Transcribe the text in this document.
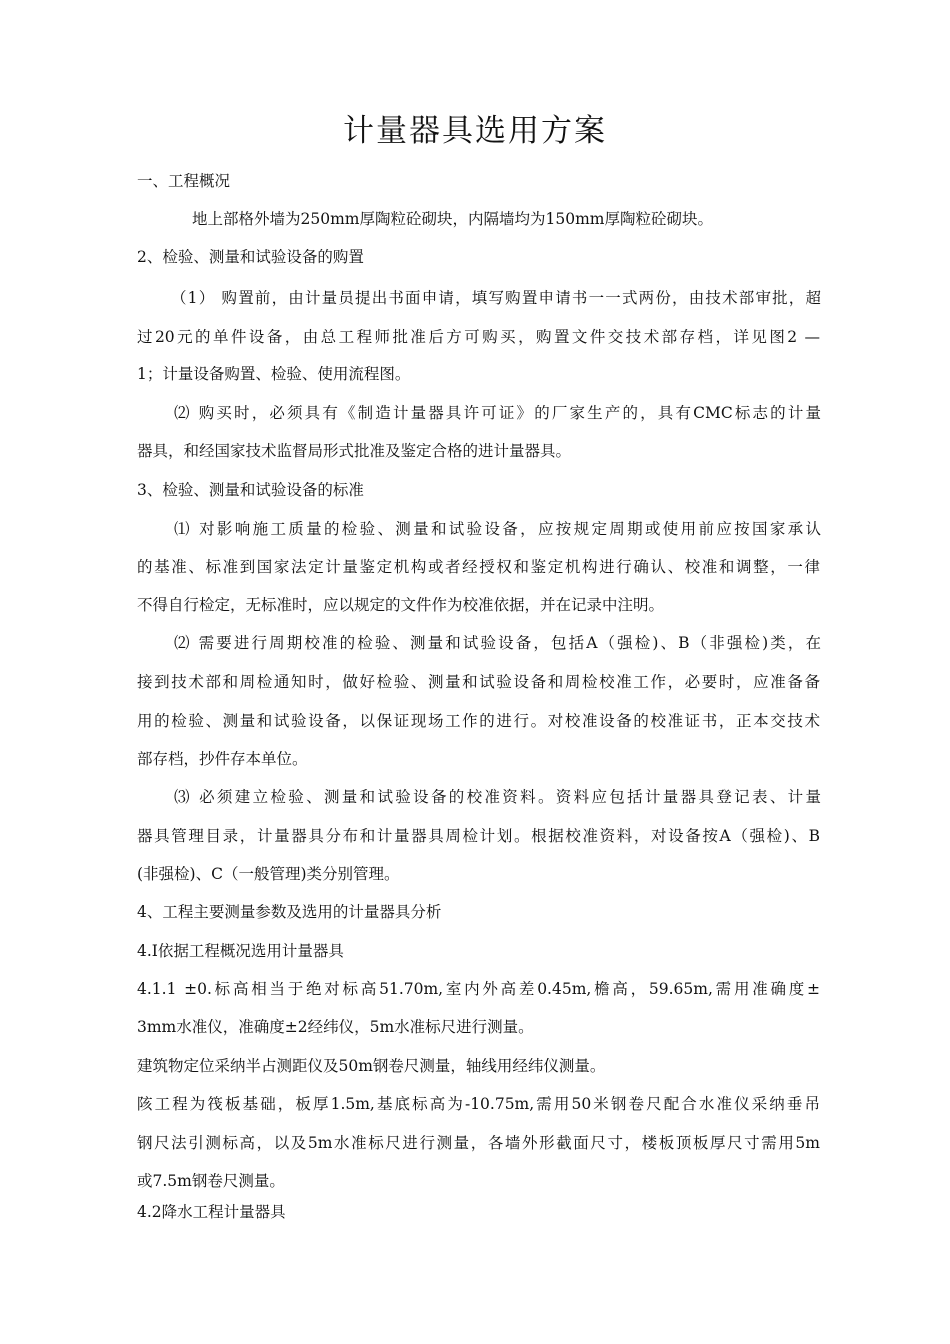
计量器具选用方案
一、工程概况
地上部格外墙为250mm厚陶粒砼砌块，内隔墙均为150mm厚陶粒砼砌块。
2、检验、测量和试验设备的购置
（1） 购置前，由计量员提出书面申请，填写购置申请书一一式两份，由技术部审批，超
过20元的单件设备，由总工程师批准后方可购买，购置文件交技术部存档，详见图2 —
1；计量设备购置、检验、使用流程图。
⑵ 购买时，必须具有《制造计量器具许可证》的厂家生产的，具有CMC标志的计量
器具，和经国家技术监督局形式批准及鉴定合格的进计量器具。
3、检验、测量和试验设备的标准
⑴ 对影响施工质量的检验、测量和试验设备，应按规定周期或使用前应按国家承认
的基准、标准到国家法定计量鉴定机构或者经授权和鉴定机构进行确认、校准和调整，一律
不得自行检定，无标准时，应以规定的文件作为校准依据，并在记录中注明。
⑵ 需要进行周期校准的检验、测量和试验设备，包括A（强检)、B（非强检)类，在
接到技术部和周检通知时，做好检验、测量和试验设备和周检校准工作，必要时，应准备备
用的检验、测量和试验设备，以保证现场工作的进行。对校准设备的校准证书，正本交技术
部存档，抄件存本单位。
⑶ 必须建立检验、测量和试验设备的校准资料。资料应包括计量器具登记表、计量
器具管理目录，计量器具分布和计量器具周检计划。根据校准资料，对设备按A（强检)、B
(非强检)、C（一般管理)类分别管理。
4、工程主要测量参数及选用的计量器具分析
4.I依据工程概况选用计量器具
4.1.1 ±0.标高相当于绝对标高51.70m,室内外高差0.45m,檐高，59.65m,需用准确度±
3mm水准仪，准确度±2经纬仪，5m水准标尺进行测量。
建筑物定位采纳半占测距仪及50m钢卷尺测量，轴线用经纬仪测量。
陔工程为筏板基础，板厚1.5m,基底标高为-10.75m,需用50米钢卷尺配合水准仪采纳垂吊
钢尺法引测标高，以及5m水准标尺进行测量，各墙外形截面尺寸，楼板顶板厚尺寸需用5m
或7.5m钢卷尺测量。
4.2降水工程计量器具
